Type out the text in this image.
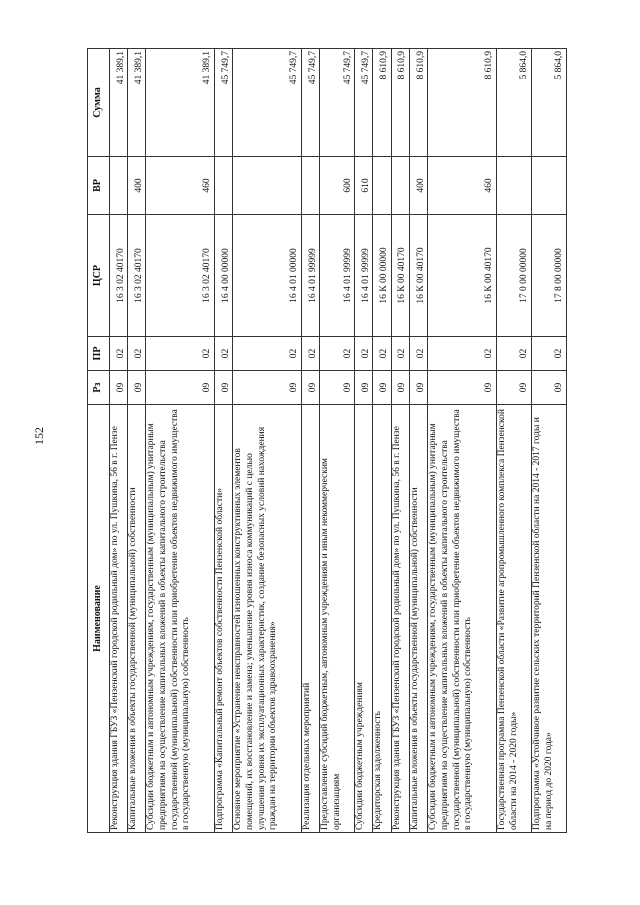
152
Наименование	Рз	ПР	ЦСР	ВР	Сумма
Реконструкция здания ГБУЗ «Пензенский городской родильный дом» по ул. Пушкина, 56 в г. Пензе	09	02	16 3 02 40170		41 389,1
Капитальные вложения в объекты государственной (муниципальной) собственности	09	02	16 3 02 40170	400	41 389,1
Субсидии бюджетным и автономным учреждениям, государственным (муниципальным) унитарным предприятиям на осуществление капитальных вложений в объекты капитального строительства государственной (муниципальной) собственности или приобретение объектов недвижимого имущества в государственную (муниципальную) собственность	09	02	16 3 02 40170	460	41 389,1
Подпрограмма «Капитальный ремонт объектов собственности Пензенской области»	09	02	16 4 00 00000		45 749,7
Основное мероприятие «Устранение неисправностей изношенных конструктивных элементов помещений, их восстановление и замена; уменьшение уровня износа коммуникаций с целью улучшения уровня их эксплуатационных характеристик, создание безопасных условий нахождения граждан на территории объектов здравоохранения»	09	02	16 4 01 00000		45 749,7
Реализация отдельных мероприятий	09	02	16 4 01 99999		45 749,7
Предоставление субсидий бюджетным, автономным учреждениям и иным некоммерческим организациям	09	02	16 4 01 99999	600	45 749,7
Субсидии бюджетным учреждениям	09	02	16 4 01 99999	610	45 749,7
Кредиторская задолженность	09	02	16 К 00 00000		8 610,9
Реконструкция здания ГБУЗ «Пензенский городской родильный дом» по ул. Пушкина, 56 в г. Пензе	09	02	16 К 00 40170		8 610,9
Капитальные вложения в объекты государственной (муниципальной) собственности	09	02	16 К 00 40170	400	8 610,9
Субсидии бюджетным и автономным учреждениям, государственным (муниципальным) унитарным предприятиям на осуществление капитальных вложений в объекты капитального строительства государственной (муниципальной) собственности или приобретение объектов недвижимого имущества в государственную (муниципальную) собственность	09	02	16 К 00 40170	460	8 610,9
Государственная программа Пензенской области «Развитие агропромышленного комплекса Пензенской области на 2014 - 2020 годы»	09	02	17 0 00 00000		5 864,0
Подпрограмма «Устойчивое развитие сельских территорий Пензенской области на 2014 - 2017 годы и на период до 2020 года»	09	02	17 8 00 00000		5 864,0
